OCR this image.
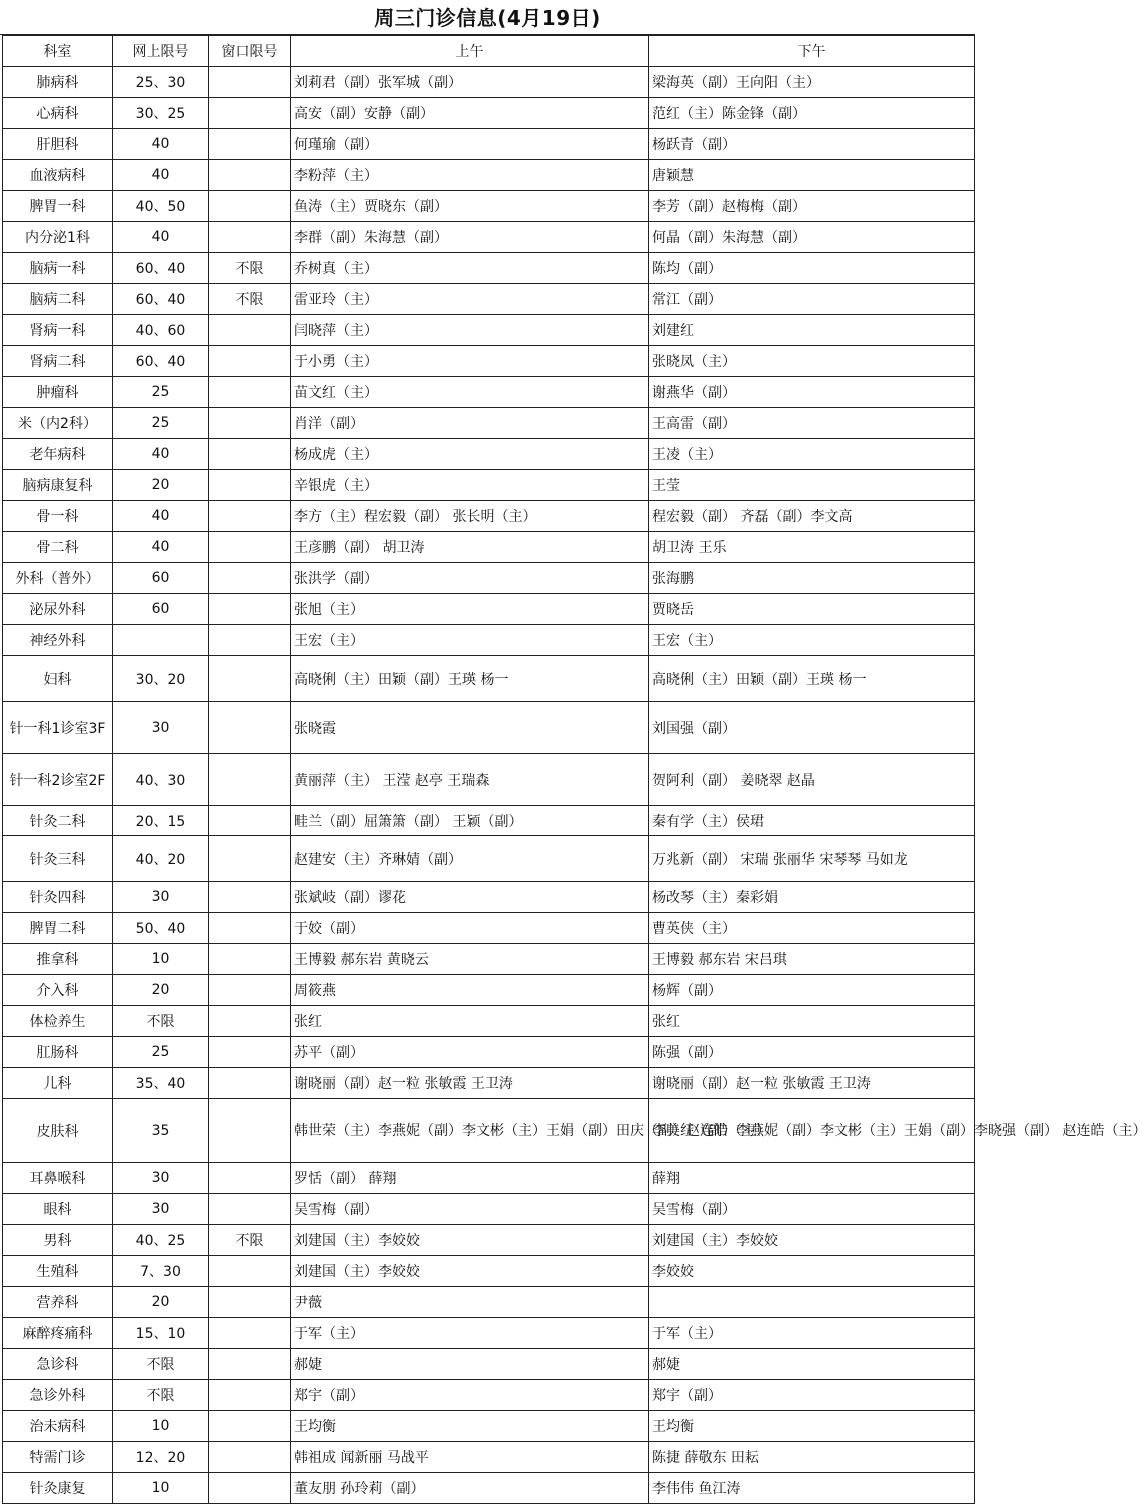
周三门诊信息(4月19日)
科室	网上限号	窗口限号	上午	下午
肺病科	25、30		刘莉君（副）张军城（副）	梁海英（副）王向阳（主）
心病科	30、25		高安（副）安静（副）	范红（主）陈金锋（副）
肝胆科	40		何瑾瑜（副）	杨跃青（副）
血液病科	40		李粉萍（主）	唐颖慧
脾胃一科	40、50		鱼涛（主）贾晓东（副）	李芳（副）赵梅梅（副）
内分泌1科	40		李群（副）朱海慧（副）	何晶（副）朱海慧（副）
脑病一科	60、40	不限	乔树真（主）	陈均（副）
脑病二科	60、40	不限	雷亚玲（主）	常江（副）
肾病一科	40、60		闫晓萍（主）	刘建红
肾病二科	60、40		于小勇（主）	张晓凤（主）
肿瘤科	25		苗文红（主）	谢燕华（副）
米（内2科）	25		肖洋（副）	王高雷（副）
老年病科	40		杨成虎（主）	王凌（主）
脑病康复科	20		辛银虎（主）	王莹
骨一科	40		李方（主）程宏毅（副） 张长明（主）	程宏毅（副） 齐磊（副）李文高
骨二科	40		王彦鹏（副） 胡卫涛	胡卫涛 王乐
外科（普外）	60		张洪学（副）	张海鹏
泌尿外科	60		张旭（主）	贾晓岳
神经外科			王宏（主）	王宏（主）
妇科	30、20		高晓俐（主）田颖（副）王瑛 杨一	高晓俐（主）田颖（副）王瑛 杨一
针一科1诊室3F	30		张晓霞	刘国强（副）
针一科2诊室2F	40、30		黄丽萍（主） 王滢 赵亭 王瑞森	贺阿利（副） 姜晓翠 赵晶
针灸二科	20、15		畦兰（副）屈箫箫（副） 王颖（副）	秦有学（主）侯珺
针灸三科	40、20		赵建安（主）齐琳婧（副）	万兆新（副） 宋瑞 张丽华 宋琴琴 马如龙
针灸四科	30		张斌岐（副）谬花	杨改琴（主）秦彩娟
脾胃二科	50、40		于姣（副）	曹英侠（主）
推拿科	10		王博毅 郝东岩 黄晓云	王博毅 郝东岩 宋吕琪
介入科	20		周筱燕	杨辉（副）
体检养生	不限		张红	张红
肛肠科	25		苏平（副）	陈强（副）
儿科	35、40		谢晓丽（副）赵一粒 张敏霞 王卫涛	谢晓丽（副）赵一粒 张敏霞 王卫涛
皮肤科	35		韩世荣（主）李燕妮（副）李文彬（主）王娟（副）田庆（副）赵连皓（主）	李美红（副）李燕妮（副）李文彬（主）王娟（副）李晓强（副） 赵连皓（主）
耳鼻喉科	30		罗恬（副） 薛翔	薛翔
眼科	30		吴雪梅（副）	吴雪梅（副）
男科	40、25	不限	刘建国（主）李姣姣	刘建国（主）李姣姣
生殖科	7、30		刘建国（主）李姣姣	李姣姣
营养科	20		尹薇	
麻醉疼痛科	15、10		于军（主）	于军（主）
急诊科	不限		郝婕	郝婕
急诊外科	不限		郑宇（副）	郑宇（副）
治未病科	10		王均衡	王均衡
特需门诊	12、20		韩祖成 闻新丽 马战平	陈捷 薛敬东 田耘
针灸康复	10		董友朋 孙玲莉（副）	李伟伟 鱼江涛
